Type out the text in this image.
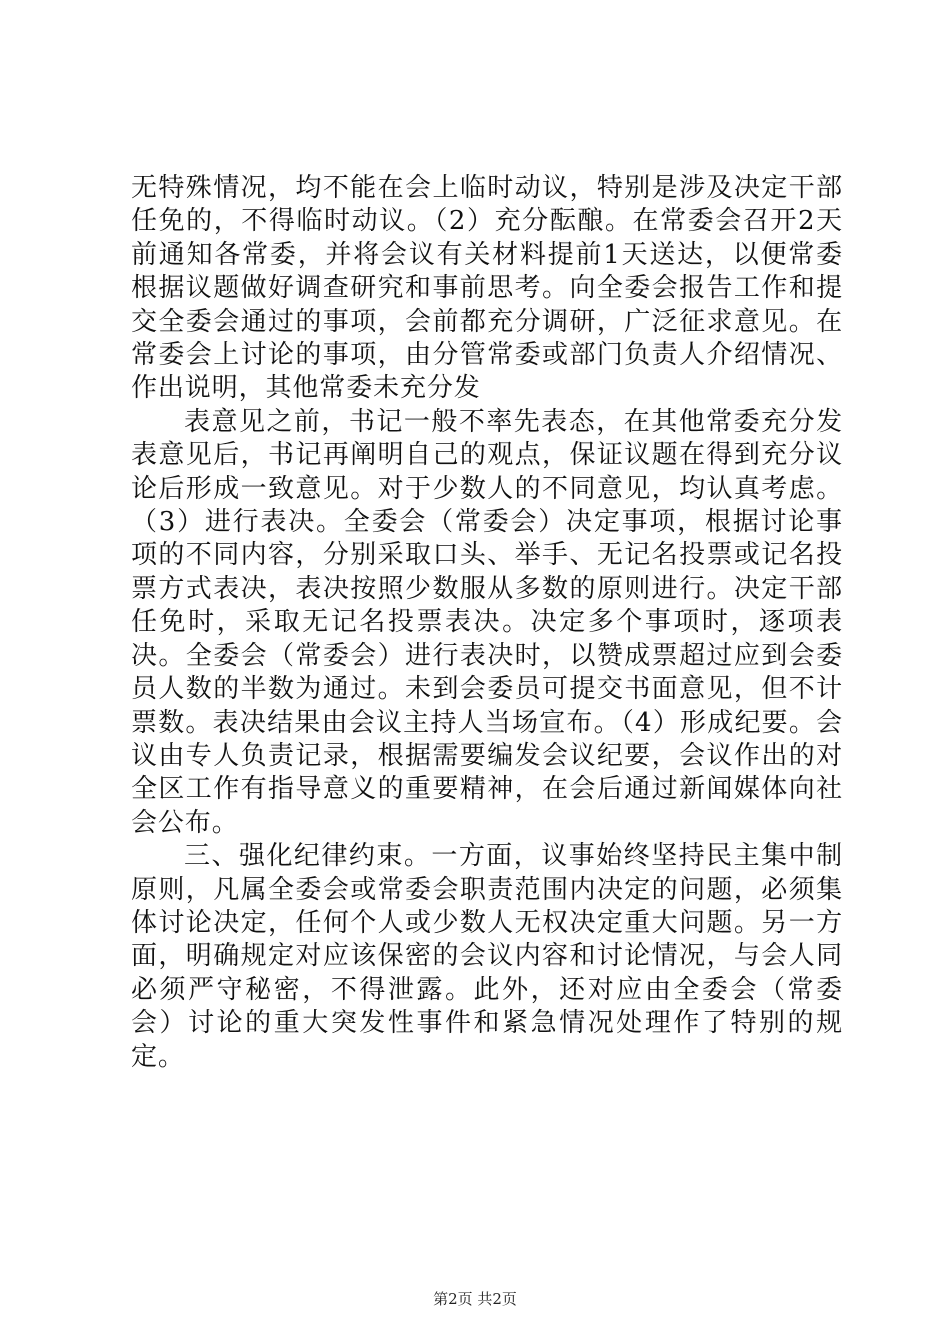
无特殊情况，均不能在会上临时动议，特别是涉及决定干部任免的，不得临时动议。（2）充分酝酿。在常委会召开2天前通知各常委，并将会议有关材料提前1天送达，以便常委根据议题做好调查研究和事前思考。向全委会报告工作和提交全委会通过的事项，会前都充分调研，广泛征求意见。在常委会上讨论的事项，由分管常委或部门负责人介绍情况、作出说明，其他常委未充分发

表意见之前，书记一般不率先表态，在其他常委充分发表意见后，书记再阐明自己的观点，保证议题在得到充分议论后形成一致意见。对于少数人的不同意见，均认真考虑。（3）进行表决。全委会（常委会）决定事项，根据讨论事项的不同内容，分别采取口头、举手、无记名投票或记名投票方式表决，表决按照少数服从多数的原则进行。决定干部任免时，采取无记名投票表决。决定多个事项时，逐项表决。全委会（常委会）进行表决时，以赞成票超过应到会委员人数的半数为通过。未到会委员可提交书面意见，但不计票数。表决结果由会议主持人当场宣布。（4）形成纪要。会议由专人负责记录，根据需要编发会议纪要，会议作出的对全区工作有指导意义的重要精神，在会后通过新闻媒体向社会公布。

三、强化纪律约束。一方面，议事始终坚持民主集中制原则，凡属全委会或常委会职责范围内决定的问题，必须集体讨论决定，任何个人或少数人无权决定重大问题。另一方面，明确规定对应该保密的会议内容和讨论情况，与会人同必须严守秘密，不得泄露。此外，还对应由全委会（常委会）讨论的重大突发性事件和紧急情况处理作了特别的规定。

第2页 共2页
